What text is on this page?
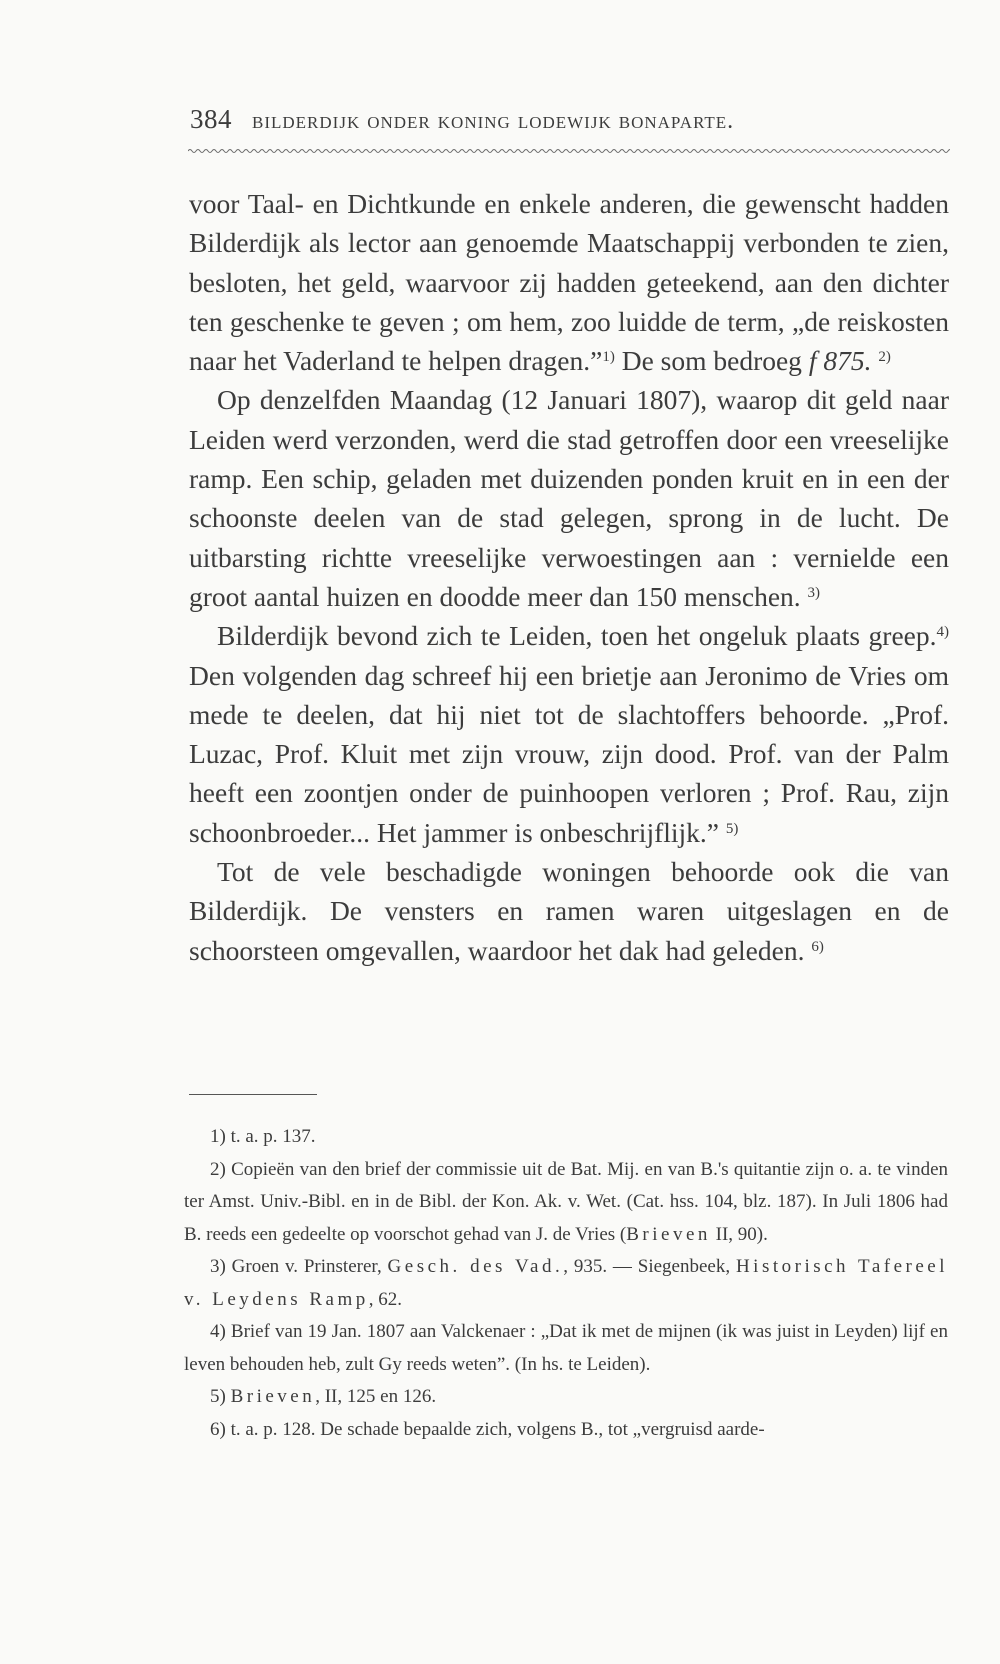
384 bilderdijk onder koning lodewijk bonaparte.

voor Taal- en Dichtkunde en enkele anderen, die gewenscht hadden Bilderdijk als lector aan genoemde Maatschappij verbonden te zien, besloten, het geld, waarvoor zij hadden geteekend, aan den dichter ten geschenke te geven ; om hem, zoo luidde de term, „de reiskosten naar het Vaderland te helpen dragen.”$^{1)}$ De som bedroeg f 875. $^{2)}$

Op denzelfden Maandag (12 Januari 1807), waarop dit geld naar Leiden werd verzonden, werd die stad getroffen door een vreeselijke ramp. Een schip, geladen met duizenden ponden kruit en in een der schoonste deelen van de stad gelegen, sprong in de lucht. De uitbarsting richtte vreeselijke verwoestingen aan : vernielde een groot aantal huizen en doodde meer dan 150 menschen. $^{3)}$

Bilderdijk bevond zich te Leiden, toen het ongeluk plaats greep.$^{4)}$ Den volgenden dag schreef hij een brietje aan Jeronimo de Vries om mede te deelen, dat hij niet tot de slachtoffers behoorde. „Prof. Luzac, Prof. Kluit met zijn vrouw, zijn dood. Prof. van der Palm heeft een zoontjen onder de puinhoopen verloren ; Prof. Rau, zijn schoonbroeder... Het jammer is onbeschrijflijk.” $^{5)}$

Tot de vele beschadigde woningen behoorde ook die van Bilderdijk. De vensters en ramen waren uitgeslagen en de schoorsteen omgevallen, waardoor het dak had geleden. $^{6)}$

1) t. a. p. 137.

2) Copieën van den brief der commissie uit de Bat. Mij. en van B.'s quitantie zijn o. a. te vinden ter Amst. Univ.-Bibl. en in de Bibl. der Kon. Ak. v. Wet. (Cat. hss. 104, blz. 187). In Juli 1806 had B. reeds een gedeelte op voorschot gehad van J. de Vries (Brieven II, 90).

3) Groen v. Prinsterer, Gesch. des Vad., 935. — Siegenbeek, Historisch Tafereel v. Leydens Ramp, 62.

4) Brief van 19 Jan. 1807 aan Valckenaer : „Dat ik met de mijnen (ik was juist in Leyden) lijf en leven behouden heb, zult Gy reeds weten”. (In hs. te Leiden).

5) Brieven, II, 125 en 126.

6) t. a. p. 128. De schade bepaalde zich, volgens B., tot „vergruisd aarde-
